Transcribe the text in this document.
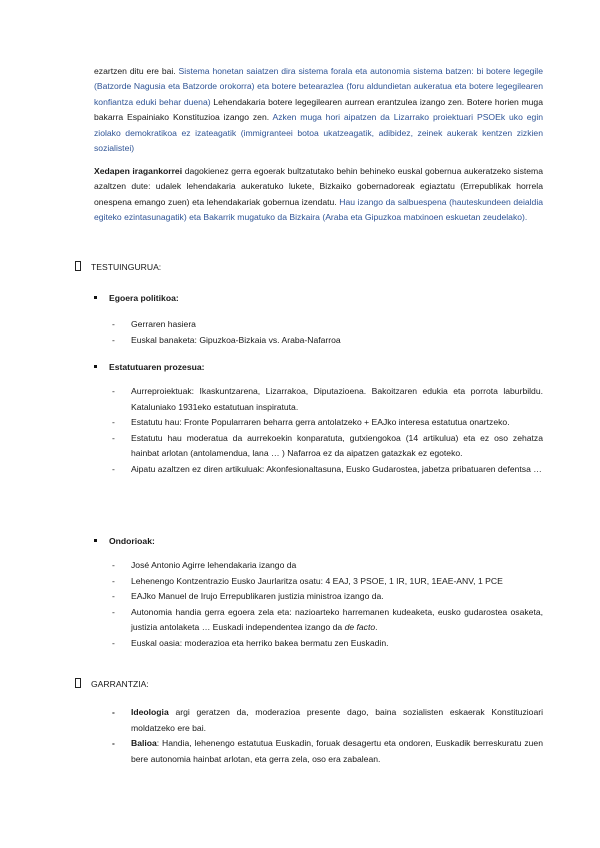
ezartzen ditu ere bai. Sistema honetan saiatzen dira sistema forala eta autonomia sistema batzen: bi botere legegile (Batzorde Nagusia eta Batzorde orokorra) eta botere betearazlea (foru aldundietan aukeratua eta botere legegilearen konfiantza eduki behar duena) Lehendakaria botere legegilearen aurrean erantzulea izango zen. Botere horien muga bakarra Espainiako Konstituzioa izango zen. Azken muga hori aipatzen da Lizarrako proiektuari PSOEk uko egin ziolako demokratikoa ez izateagatik (immigranteei botoa ukatzeagatik, adibidez, zeinek aukerak kentzen zizkien sozialistei)

Xedapen iragankorrei dagokienez gerra egoerak bultzatutako behin behineko euskal gobernua aukeratzeko sistema azaltzen dute: udalek lehendakaria aukeratuko lukete, Bizkaiko gobernadoreak egiaztatu (Errepublikak horrela onespena emango zuen) eta lehendakariak gobernua izendatu. Hau izango da salbuespena (hauteskundeen deialdia egiteko ezintasunagatik) eta Bakarrik mugatuko da Bizkaira (Araba eta Gipuzkoa matxinoen eskuetan zeudelako).

TESTUINGURUA:
Egoera politikoa:
- Gerraren hasiera
- Euskal banaketa: Gipuzkoa-Bizkaia vs. Araba-Nafarroa
Estatutuaren prozesua:
- Aurreproiektuak: Ikaskuntzarena, Lizarrakoa, Diputazioena. Bakoitzaren edukia eta porrota laburbildu. Kataluniako 1931eko estatutuan inspiratuta.
- Estatutu hau: Fronte Popularraren beharra gerra antolatzeko + EAJko interesa estatutua onartzeko.
- Estatutu hau moderatua da aurrekoekin konparatuta, gutxiengokoa (14 artikulua) eta ez oso zehatza hainbat arlotan (antolamendua, lana … ) Nafarroa ez da aipatzen gatazkak ez egoteko.
- Aipatu azaltzen ez diren artikuluak: Akonfesionaltasuna, Eusko Gudarostea, jabetza pribatuaren defentsa …
Ondorioak:
- José Antonio Agirre lehendakaria izango da
- Lehenengo Kontzentrazio Eusko Jaurlaritza osatu: 4 EAJ, 3 PSOE, 1 IR, 1UR, 1EAE-ANV, 1 PCE
- EAJko Manuel de Irujo Errepublikaren justizia ministroa izango da.
- Autonomia handia gerra egoera zela eta: nazioarteko harremanen kudeaketa, eusko gudarostea osaketa, justizia antolaketa … Euskadi independentea izango da de facto.
- Euskal oasia: moderazioa eta herriko bakea bermatu zen Euskadin.
GARRANTZIA:
- Ideologia argi geratzen da, moderazioa presente dago, baina sozialisten eskaerak Konstituzioari moldatzeko ere bai.
- Balioa: Handia, lehenengo estatutua Euskadin, foruak desagertu eta ondoren, Euskadik berreskuratu zuen bere autonomia hainbat arlotan, eta gerra zela, oso era zabalean.
